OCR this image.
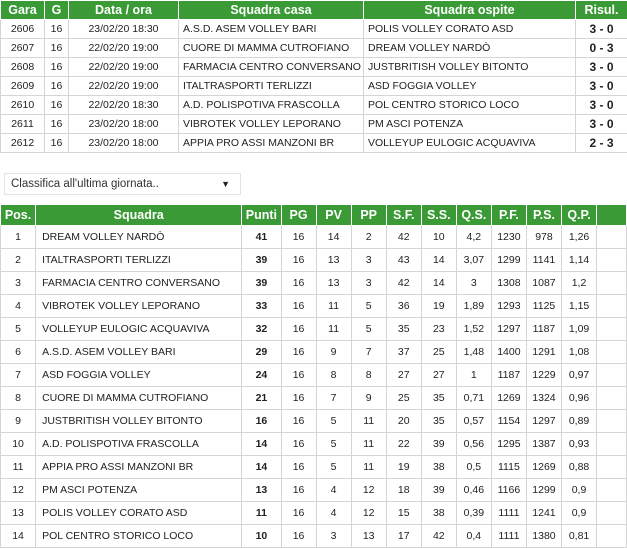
Gara	G	Data / ora	Squadra casa	Squadra ospite	Risul.
2606	16	23/02/20 18:30	A.S.D. ASEM VOLLEY BARI	POLIS VOLLEY CORATO ASD	3 - 0
2607	16	22/02/20 19:00	CUORE DI MAMMA CUTROFIANO	DREAM VOLLEY NARDÒ	0 - 3
2608	16	22/02/20 19:00	FARMACIA CENTRO CONVERSANO	JUSTBRITISH VOLLEY BITONTO	3 - 0
2609	16	22/02/20 19:00	ITALTRASPORTI TERLIZZI	ASD FOGGIA VOLLEY	3 - 0
2610	16	22/02/20 18:30	A.D. POLISPOTIVA FRASCOLLA	POL CENTRO STORICO LOCO	3 - 0
2611	16	23/02/20 18:00	VIBROTEK VOLLEY LEPORANO	PM ASCI POTENZA	3 - 0
2612	16	23/02/20 18:00	APPIA PRO ASSI MANZONI BR	VOLLEYUP EULOGIC ACQUAVIVA	2 - 3
Classifica all'ultima giornata..	▼
Pos.	Squadra	Punti	PG	PV	PP	S.F.	S.S.	Q.S.	P.F.	P.S.	Q.P.	
1	DREAM VOLLEY NARDÒ	41	16	14	2	42	10	4,2	1230	978	1,26	
2	ITALTRASPORTI TERLIZZI	39	16	13	3	43	14	3,07	1299	1141	1,14	
3	FARMACIA CENTRO CONVERSANO	39	16	13	3	42	14	3	1308	1087	1,2	
4	VIBROTEK VOLLEY LEPORANO	33	16	11	5	36	19	1,89	1293	1125	1,15	
5	VOLLEYUP EULOGIC ACQUAVIVA	32	16	11	5	35	23	1,52	1297	1187	1,09	
6	A.S.D. ASEM VOLLEY BARI	29	16	9	7	37	25	1,48	1400	1291	1,08	
7	ASD FOGGIA VOLLEY	24	16	8	8	27	27	1	1187	1229	0,97	
8	CUORE DI MAMMA CUTROFIANO	21	16	7	9	25	35	0,71	1269	1324	0,96	
9	JUSTBRITISH VOLLEY BITONTO	16	16	5	11	20	35	0,57	1154	1297	0,89	
10	A.D. POLISPOTIVA FRASCOLLA	14	16	5	11	22	39	0,56	1295	1387	0,93	
11	APPIA PRO ASSI MANZONI BR	14	16	5	11	19	38	0,5	1115	1269	0,88	
12	PM ASCI POTENZA	13	16	4	12	18	39	0,46	1166	1299	0,9	
13	POLIS VOLLEY CORATO ASD	11	16	4	12	15	38	0,39	1111	1241	0,9	
14	POL CENTRO STORICO LOCO	10	16	3	13	17	42	0,4	1111	1380	0,81	
